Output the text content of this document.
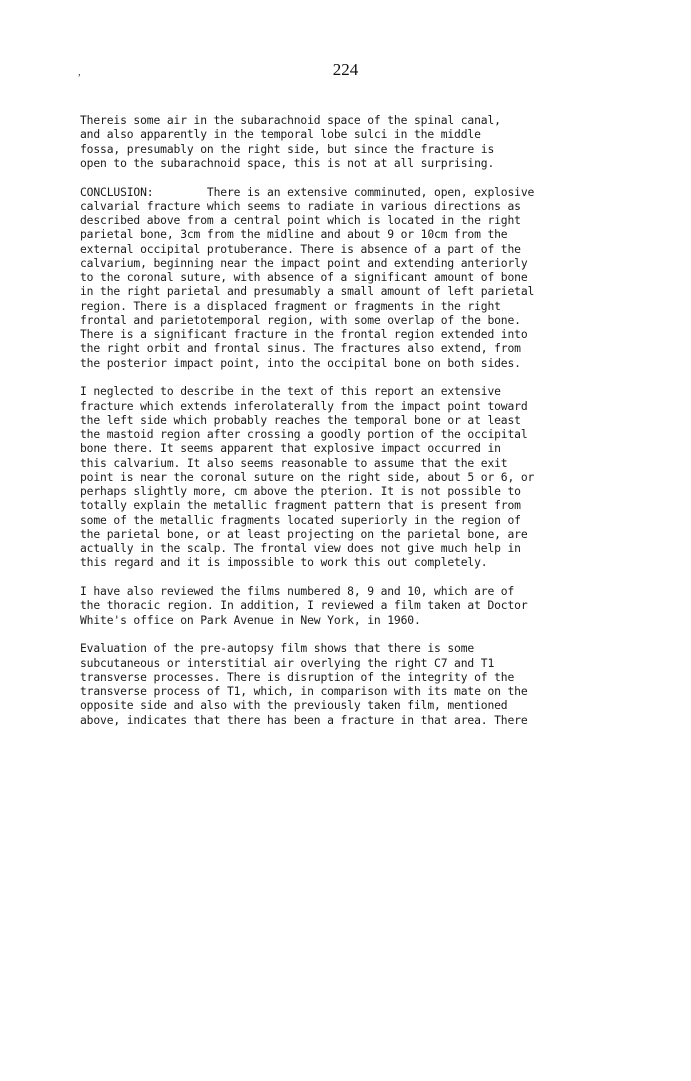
224
,
Thereis some air in the subarachnoid space of the spinal canal,
and also apparently in the temporal lobe sulci in the middle
fossa, presumably on the right side, but since the fracture is
open to the subarachnoid space, this is not at all surprising.
CONCLUSION:        There is an extensive comminuted, open, explosive
calvarial fracture which seems to radiate in various directions as
described above from a central point which is located in the right
parietal bone, 3cm from the midline and about 9 or 10cm from the
external occipital protuberance. There is absence of a part of the
calvarium, beginning near the impact point and extending anteriorly
to the coronal suture, with absence of a significant amount of bone
in the right parietal and presumably a small amount of left parietal
region. There is a displaced fragment or fragments in the right
frontal and parietotemporal region, with some overlap of the bone.
There is a significant fracture in the frontal region extended into
the right orbit and frontal sinus. The fractures also extend, from
the posterior impact point, into the occipital bone on both sides.
I neglected to describe in the text of this report an extensive
fracture which extends inferolaterally from the impact point toward
the left side which probably reaches the temporal bone or at least
the mastoid region after crossing a goodly portion of the occipital
bone there. It seems apparent that explosive impact occurred in
this calvarium. It also seems reasonable to assume that the exit
point is near the coronal suture on the right side, about 5 or 6, or
perhaps slightly more, cm above the pterion. It is not possible to
totally explain the metallic fragment pattern that is present from
some of the metallic fragments located superiorly in the region of
the parietal bone, or at least projecting on the parietal bone, are
actually in the scalp. The frontal view does not give much help in
this regard and it is impossible to work this out completely.
I have also reviewed the films numbered 8, 9 and 10, which are of
the thoracic region. In addition, I reviewed a film taken at Doctor
White's office on Park Avenue in New York, in 1960.
Evaluation of the pre-autopsy film shows that there is some
subcutaneous or interstitial air overlying the right C7 and T1
transverse processes. There is disruption of the integrity of the
transverse process of T1, which, in comparison with its mate on the
opposite side and also with the previously taken film, mentioned
above, indicates that there has been a fracture in that area. There
